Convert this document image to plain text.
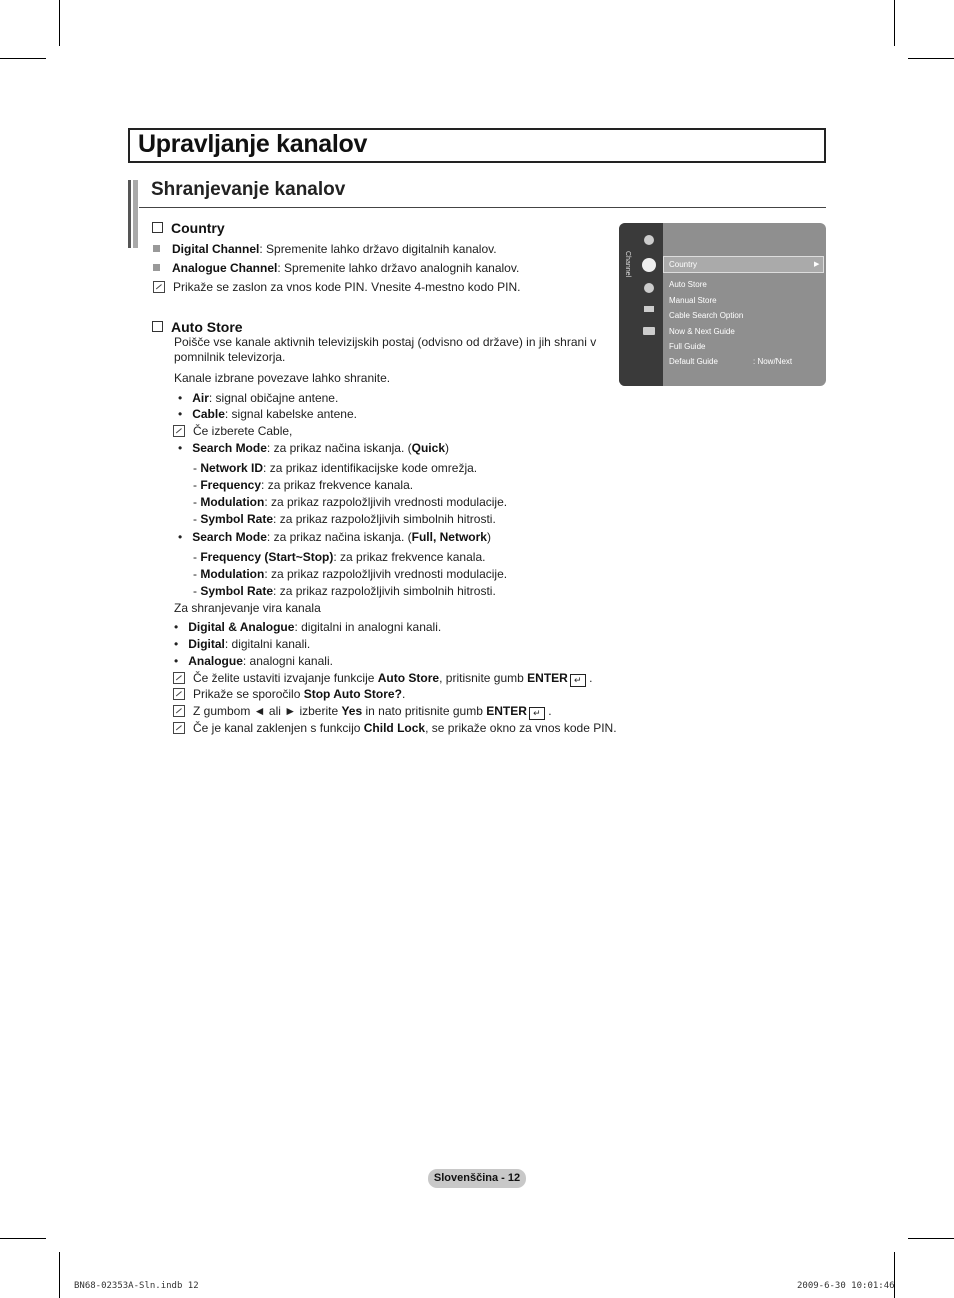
Upravljanje kanalov
Shranjevanje kanalov
Country
Digital Channel: Spremenite lahko državo digitalnih kanalov.
Analogue Channel: Spremenite lahko državo analognih kanalov.
Prikaže se zaslon za vnos kode PIN. Vnesite 4-mestno kodo PIN.
Auto Store
Poišče vse kanale aktivnih televizijskih postaj (odvisno od države) in jih shrani v
pomnilnik televizorja.
Kanale izbrane povezave lahko shranite.
•   Air: signal običajne antene.
•   Cable: signal kabelske antene.
Če izberete Cable,
•   Search Mode: za prikaz načina iskanja. (Quick)
- Network ID: za prikaz identifikacijske kode omrežja.
- Frequency: za prikaz frekvence kanala.
- Modulation: za prikaz razpoložljivih vrednosti modulacije.
- Symbol Rate: za prikaz razpoložljivih simbolnih hitrosti.
•   Search Mode: za prikaz načina iskanja. (Full, Network)
- Frequency (Start~Stop): za prikaz frekvence kanala.
- Modulation: za prikaz razpoložljivih vrednosti modulacije.
- Symbol Rate: za prikaz razpoložljivih simbolnih hitrosti.
Za shranjevanje vira kanala
•   Digital & Analogue: digitalni in analogni kanali.
•   Digital: digitalni kanali.
•   Analogue: analogni kanali.
Če želite ustaviti izvajanje funkcije Auto Store, pritisnite gumb ENTER ↵ .
Prikaže se sporočilo Stop Auto Store?.
Z gumbom ◄ ali ► izberite Yes in nato pritisnite gumb ENTER ↵ .
Če je kanal zaklenjen s funkcijo Child Lock, se prikaže okno za vnos kode PIN.
Channel	Country	▶
Auto Store
Manual Store
Cable Search Option
Now & Next Guide
Full Guide
Default Guide	: Now/Next
Slovenščina - 12
BN68-02353A-Sln.indb 12	2009-6-30 10:01:46
